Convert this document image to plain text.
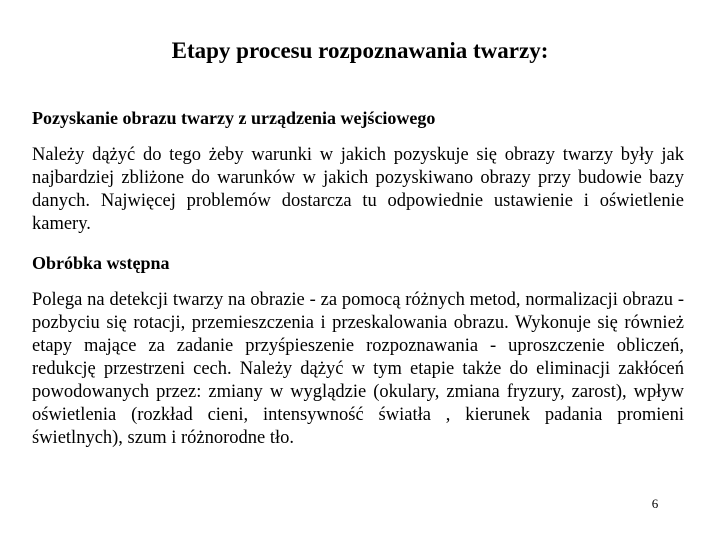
Etapy procesu rozpoznawania twarzy:
Pozyskanie obrazu twarzy z urządzenia wejściowego
Należy dążyć do tego żeby warunki w jakich pozyskuje się obrazy twarzy były jak najbardziej zbliżone do warunków w jakich pozyskiwano obrazy przy budowie bazy danych. Najwięcej problemów dostarcza tu odpowiednie ustawienie i oświetlenie kamery.
Obróbka wstępna
Polega na detekcji twarzy na obrazie - za pomocą różnych metod, normalizacji obrazu - pozbyciu się rotacji, przemieszczenia i przeskalowania obrazu. Wykonuje się również etapy mające za zadanie przyśpieszenie rozpoznawania - uproszczenie obliczeń, redukcję przestrzeni cech. Należy dążyć w tym etapie także do eliminacji zakłóceń powodowanych przez: zmiany w wyglądzie (okulary, zmiana fryzury, zarost), wpływ oświetlenia (rozkład cieni, intensywność światła , kierunek padania promieni świetlnych), szum i różnorodne tło.
6
